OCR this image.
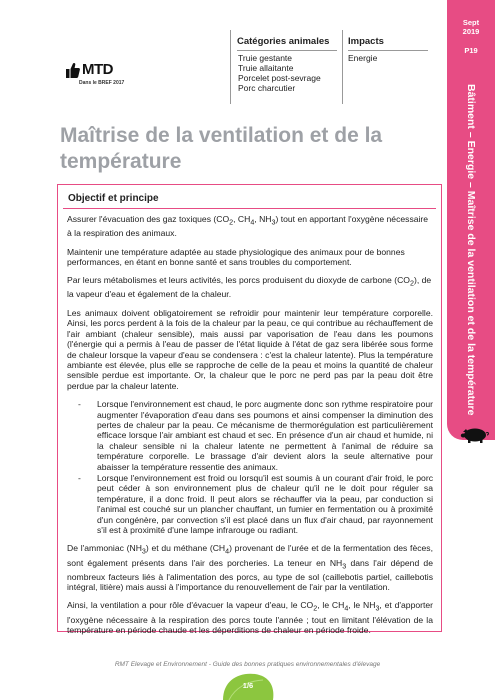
MTD
Dans le BREF 2017
Catégories animales
Truie gestante
Truie allaitante
Porcelet post-sevrage
Porc charcutier
Impacts
Energie
Sept
2019
P19
Bâtiment – Energie – Maîtrise de la ventilation et de la température
Maîtrise de la ventilation et de la température
Objectif et principe

Assurer l'évacuation des gaz toxiques ($CO_2$, $CH_4$, $NH_3$) tout en apportant l'oxygène nécessaire à la respiration des animaux.

Maintenir une température adaptée au stade physiologique des animaux pour de bonnes performances, en étant en bonne santé et sans troubles du comportement.

Par leurs métabolismes et leurs activités, les porcs produisent du dioxyde de carbone $(CO_2)$, de la vapeur d'eau et également de la chaleur.

Les animaux doivent obligatoirement se refroidir pour maintenir leur température corporelle. Ainsi, les porcs perdent à la fois de la chaleur par la peau, ce qui contribue au réchauffement de l'air ambiant (chaleur sensible), mais aussi par vaporisation de l'eau dans les poumons (l'énergie qui a permis à l'eau de passer de l'état liquide à l'état de gaz sera libérée sous forme de chaleur lorsque la vapeur d'eau se condensera : c'est la chaleur latente). Plus la température ambiante est élevée, plus elle se rapproche de celle de la peau et moins la quantité de chaleur sensible perdue est importante. Or, la chaleur que le porc ne perd pas par la peau doit être perdue par la chaleur latente.

- Lorsque l'environnement est chaud, le porc augmente donc son rythme respiratoire pour augmenter l'évaporation d'eau dans ses poumons et ainsi compenser la diminution des pertes de chaleur par la peau. Ce mécanisme de thermorégulation est particulièrement efficace lorsque l'air ambiant est chaud et sec. En présence d'un air chaud et humide, ni la chaleur sensible ni la chaleur latente ne permettent à l'animal de réduire sa température corporelle. Le brassage d'air devient alors la seule alternative pour abaisser la température ressentie des animaux.
- Lorsque l'environnement est froid ou lorsqu'il est soumis à un courant d'air froid, le porc peut céder à son environnement plus de chaleur qu'il ne le doit pour réguler sa température, il a donc froid. Il peut alors se réchauffer via la peau, par conduction si l'animal est couché sur un plancher chauffant, un fumier en fermentation ou à proximité d'un congénère, par convection s'il est placé dans un flux d'air chaud, par rayonnement s'il est à proximité d'une lampe infrarouge ou radiant.

De l'ammoniac $(NH_3)$ et du méthane $(CH_4)$ provenant de l'urée et de la fermentation des fèces, sont également présents dans l'air des porcheries. La teneur en $NH_3$ dans l'air dépend de nombreux facteurs liés à l'alimentation des porcs, au type de sol (caillebotis partiel, caillebotis intégral, litière) mais aussi à l'importance du renouvellement de l'air par la ventilation.

Ainsi, la ventilation a pour rôle d'évacuer la vapeur d'eau, le $CO_2$, le $CH_4$, le $NH_3$, et d'apporter l'oxygène nécessaire à la respiration des porcs toute l'année ; tout en limitant l'élévation de la température en période chaude et les déperditions de chaleur en période froide.

RMT Elevage et Environnement - Guide des bonnes pratiques environnementales d'élevage
1/6
